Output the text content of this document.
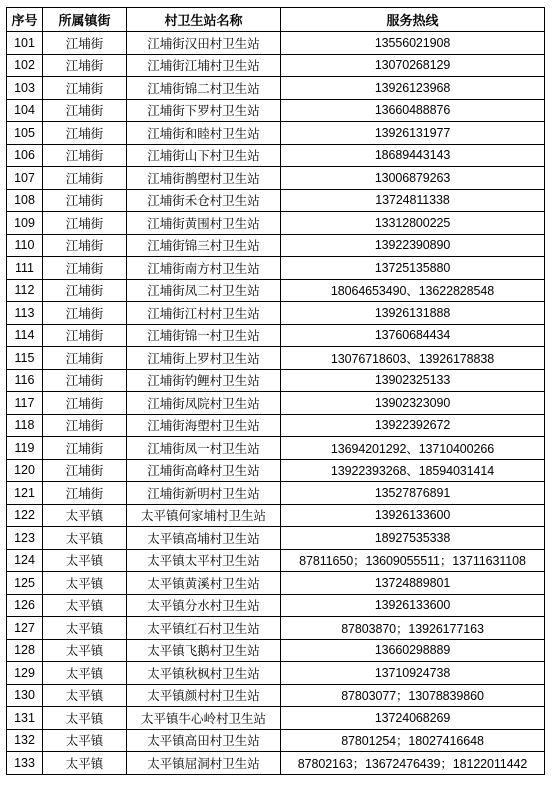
序号	所属镇街	村卫生站名称	服务热线
101	江埔街	江埔街汉田村卫生站	13556021908
102	江埔街	江埔街江埔村卫生站	13070268129
103	江埔街	江埔街锦二村卫生站	13926123968
104	江埔街	江埔街下罗村卫生站	13660488876
105	江埔街	江埔街和睦村卫生站	13926131977
106	江埔街	江埔街山下村卫生站	18689443143
107	江埔街	江埔街鹊塱村卫生站	13006879263
108	江埔街	江埔街禾仓村卫生站	13724811338
109	江埔街	江埔街黄围村卫生站	13312800225
110	江埔街	江埔街锦三村卫生站	13922390890
111	江埔街	江埔街南方村卫生站	13725135880
112	江埔街	江埔街凤二村卫生站	18064653490、13622828548
113	江埔街	江埔街江村村卫生站	13926131888
114	江埔街	江埔街锦一村卫生站	13760684434
115	江埔街	江埔街上罗村卫生站	13076718603、13926178838
116	江埔街	江埔街钓鲤村卫生站	13902325133
117	江埔街	江埔街凤院村卫生站	13902323090
118	江埔街	江埔街海塱村卫生站	13922392672
119	江埔街	江埔街凤一村卫生站	13694201292、13710400266
120	江埔街	江埔街高峰村卫生站	13922393268、18594031414
121	江埔街	江埔街新明村卫生站	13527876891
122	太平镇	太平镇何家埔村卫生站	13926133600
123	太平镇	太平镇高埔村卫生站	18927535338
124	太平镇	太平镇太平村卫生站	87811650；13609055511；13711631108
125	太平镇	太平镇黄溪村卫生站	13724889801
126	太平镇	太平镇分水村卫生站	13926133600
127	太平镇	太平镇红石村卫生站	87803870；13926177163
128	太平镇	太平镇飞鹅村卫生站	13660298889
129	太平镇	太平镇秋枫村卫生站	13710924738
130	太平镇	太平镇颜村村卫生站	87803077；13078839860
131	太平镇	太平镇牛心岭村卫生站	13724068269
132	太平镇	太平镇高田村卫生站	87801254；18027416648
133	太平镇	太平镇屈洞村卫生站	87802163；13672476439；18122011442
